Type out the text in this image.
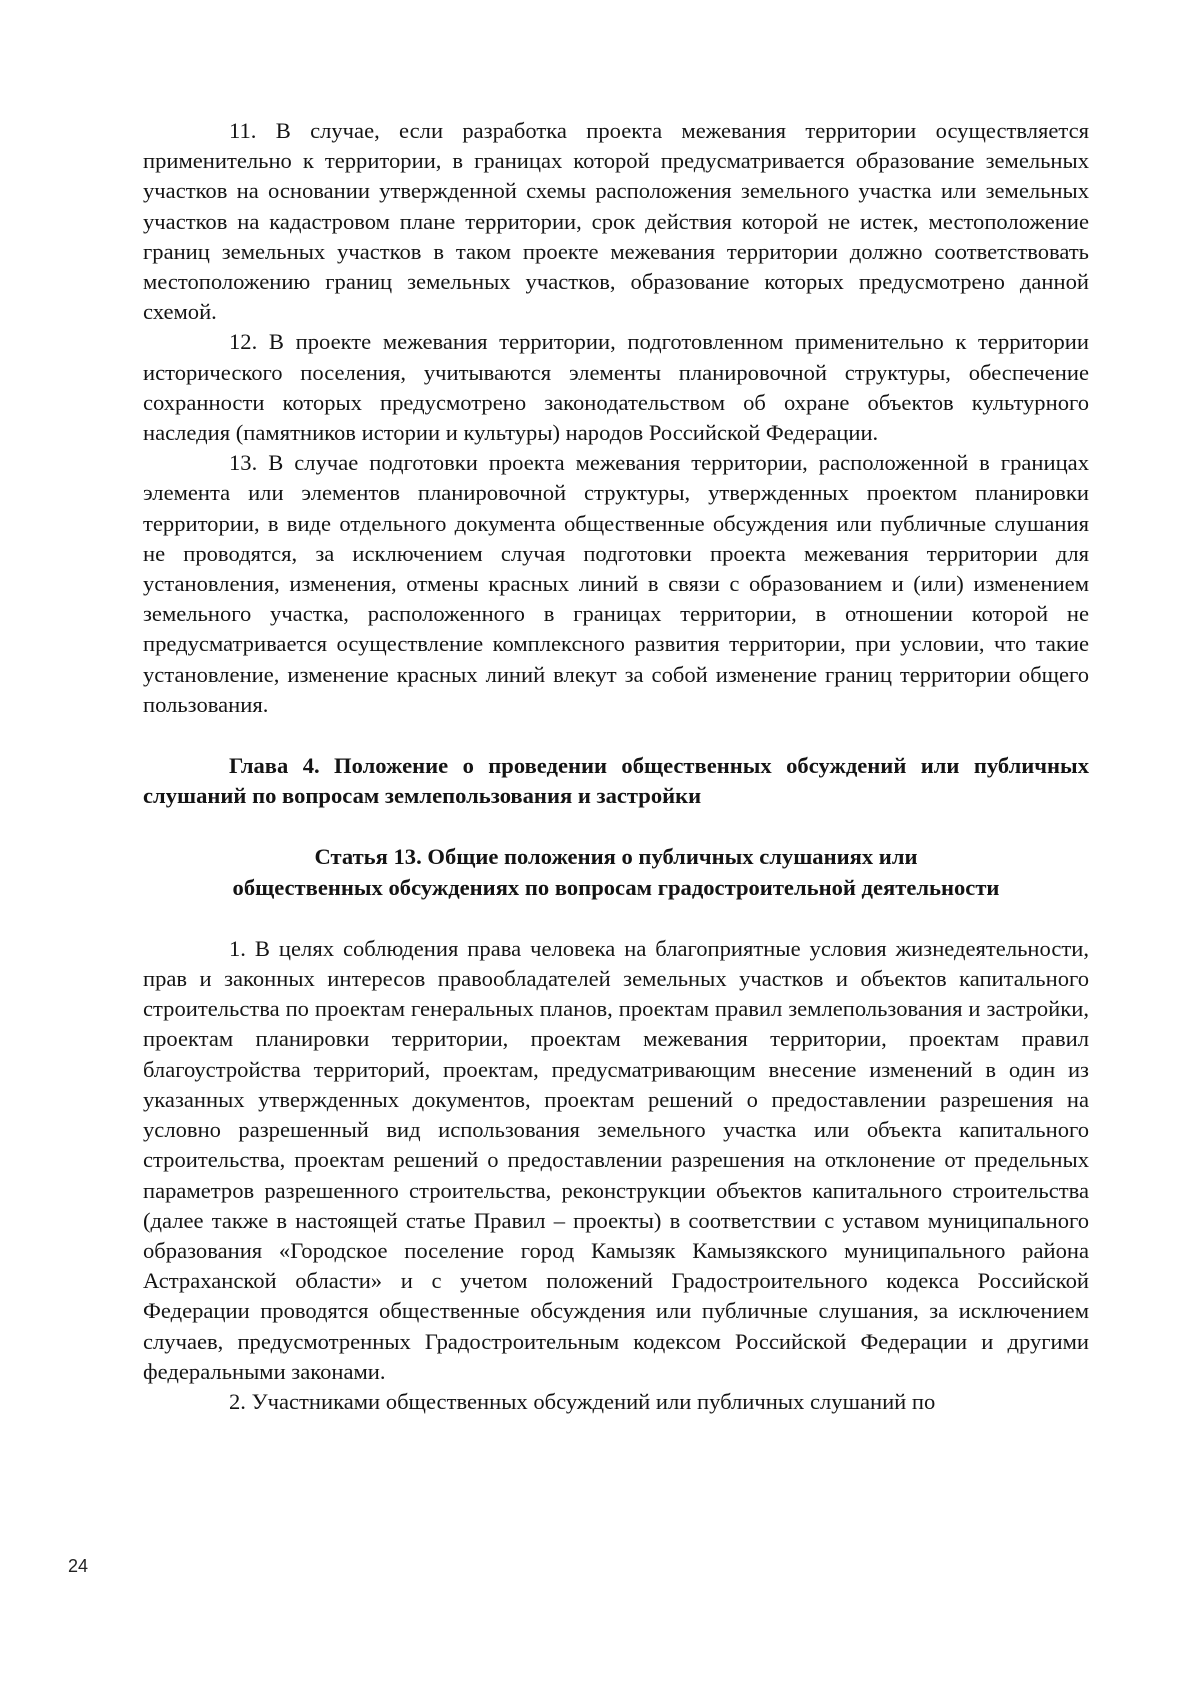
11. В случае, если разработка проекта межевания территории осуществляется применительно к территории, в границах которой предусматривается образование земельных участков на основании утвержденной схемы расположения земельного участка или земельных участков на кадастровом плане территории, срок действия которой не истек, местоположение границ земельных участков в таком проекте межевания территории должно соответствовать местоположению границ земельных участков, образование которых предусмотрено данной схемой.

12. В проекте межевания территории, подготовленном применительно к территории исторического поселения, учитываются элементы планировочной структуры, обеспечение сохранности которых предусмотрено законодательством об охране объектов культурного наследия (памятников истории и культуры) народов Российской Федерации.

13. В случае подготовки проекта межевания территории, расположенной в границах элемента или элементов планировочной структуры, утвержденных проектом планировки территории, в виде отдельного документа общественные обсуждения или публичные слушания не проводятся, за исключением случая подготовки проекта межевания территории для установления, изменения, отмены красных линий в связи с образованием и (или) изменением земельного участка, расположенного в границах территории, в отношении которой не предусматривается осуществление комплексного развития территории, при условии, что такие установление, изменение красных линий влекут за собой изменение границ территории общего пользования.

Глава 4. Положение о проведении общественных обсуждений или публичных слушаний по вопросам землепользования и застройки

Статья 13. Общие положения о публичных слушаниях или
общественных обсуждениях по вопросам градостроительной деятельности

1. В целях соблюдения права человека на благоприятные условия жизнедеятельности, прав и законных интересов правообладателей земельных участков и объектов капитального строительства по проектам генеральных планов, проектам правил землепользования и застройки, проектам планировки территории, проектам межевания территории, проектам правил благоустройства территорий, проектам, предусматривающим внесение изменений в один из указанных утвержденных документов, проектам решений о предоставлении разрешения на условно разрешенный вид использования земельного участка или объекта капитального строительства, проектам решений о предоставлении разрешения на отклонение от предельных параметров разрешенного строительства, реконструкции объектов капитального строительства (далее также в настоящей статье Правил – проекты) в соответствии с уставом муниципального образования «Городское поселение город Камызяк Камызякского муниципального района Астраханской области» и с учетом положений Градостроительного кодекса Российской Федерации проводятся общественные обсуждения или публичные слушания, за исключением случаев, предусмотренных Градостроительным кодексом Российской Федерации и другими федеральными законами.

2. Участниками общественных обсуждений или публичных слушаний по

24
